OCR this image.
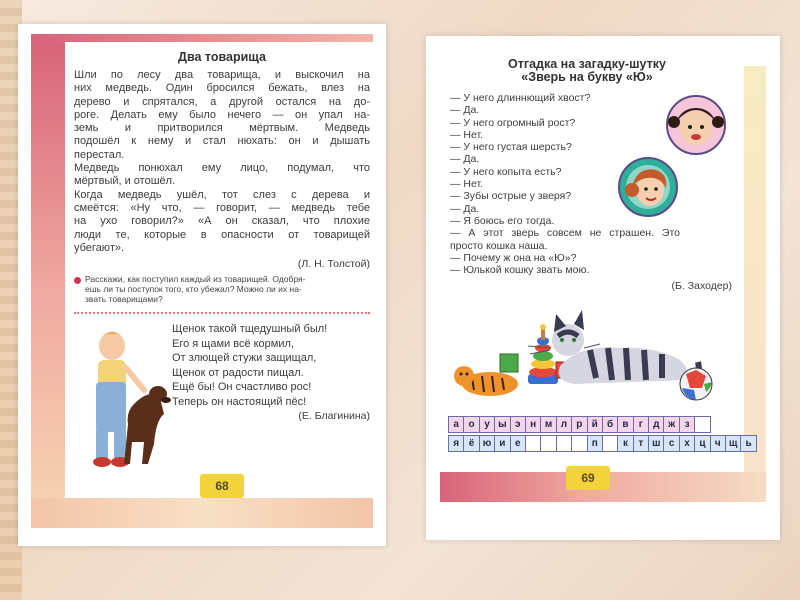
Два товарища
Шли по лесу два товарища, и выскочил на
них медведь. Один бросился бежать, влез на
дерево и спрятался, а другой остался на до-
роге. Делать ему было нечего — он упал на-
земь и притворился мёртвым. Медведь
подошёл к нему и стал нюхать: он и дышать
перестал.
Медведь понюхал ему лицо, подумал, что
мёртвый, и отошёл.
Когда медведь ушёл, тот слез с дерева и
смеётся: «Ну что, — говорит, — медведь тебе
на ухо говорил?» «А он сказал, что плохие
люди те, которые в опасности от товарищей
убегают».
(Л. Н. Толстой)
Расскажи, как поступил каждый из товарищей. Одобря-
ешь ли ты поступок того, кто убежал? Можно ли их на-
звать товарищами?
Щенок такой тщедушный был!
Его я щами всё кормил,
От злющей стужи защищал,
Щенок от радости пищал.
Ещё бы! Он счастливо рос!
Теперь он настоящий пёс!
(Е. Благинина)
68
Отгадка на загадку-шутку
«Зверь на букву «Ю»
— У него длиннющий хвост?
— Да.
— У него огромный рост?
— Нет.
— У него густая шерсть?
— Да.
— У него копыта есть?
— Нет.
— Зубы острые у зверя?
— Да.
— Я боюсь его тогда.
— А этот зверь совсем не страшен. Это
просто кошка наша.
— Почему ж она на «Ю»?
— Юлькой кошку звать мою.
(Б. Заходер)
а о у ы э н м л р й б в	г	д ж з
я ё ю и е	п	к	т ш с х ц ч щ ь
69
